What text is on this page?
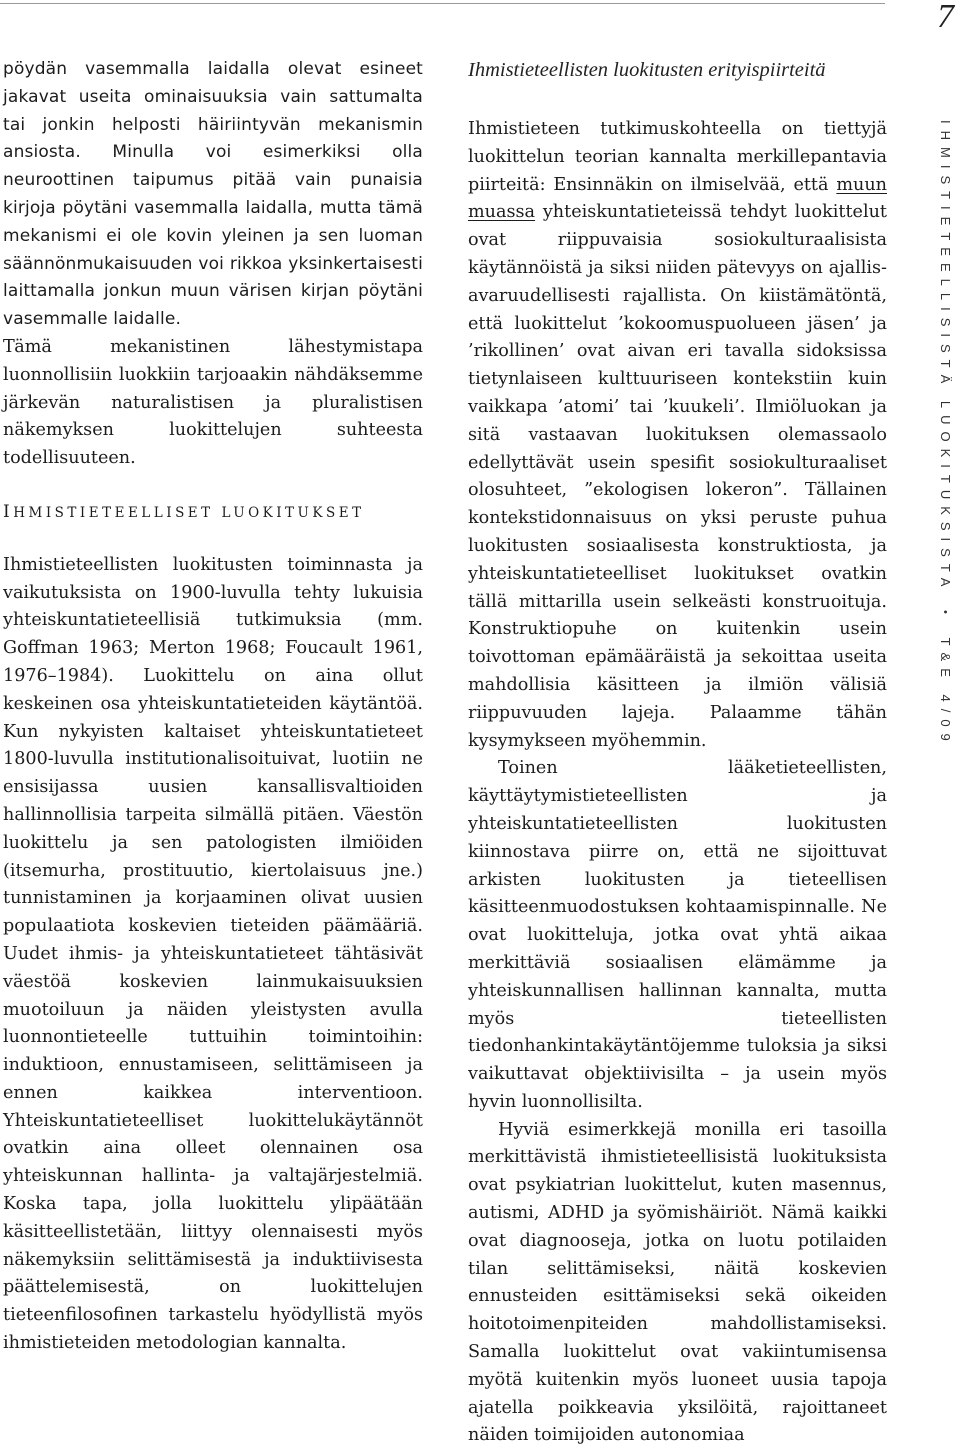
7

pöydän vasemmalla laidalla olevat esineet jakavat useita ominaisuuksia vain sattumalta tai jonkin helposti häiriintyvän mekanismin ansiosta. Minulla voi esimerkiksi olla neuroottinen taipumus pitää vain punaisia kirjoja pöytäni vasemmalla laidalla, mutta tämä mekanismi ei ole kovin yleinen ja sen luoman säännönmukaisuuden voi rikkoa yksinkertaisesti laittamalla jonkun muun värisen kirjan pöytäni vasemmalle laidalle.

Tämä mekanistinen lähestymistapa luonnollisiin luokkiin tarjoaakin nähdäksemme järkevän naturalistisen ja pluralistisen näkemyksen luokittelujen suhteesta todellisuuteen.

IHMISTIETEELLISET LUOKITUKSET

Ihmistieteellisten luokitusten toiminnasta ja vaikutuksista on 1900-luvulla tehty lukuisia yhteiskuntatieteellisiä tutkimuksia (mm. Goffman 1963; Merton 1968; Foucault 1961, 1976–1984). Luokittelu on aina ollut keskeinen osa yhteiskuntatieteiden käytäntöä. Kun nykyisten kaltaiset yhteiskuntatieteet 1800-luvulla institutionalisoituivat, luotiin ne ensisijassa uusien kansallisvaltioiden hallinnollisia tarpeita silmällä pitäen. Väestön luokittelu ja sen patologisten ilmiöiden (itsemurha, prostituutio, kiertolaisuus jne.) tunnistaminen ja korjaaminen olivat uusien populaatiota koskevien tieteiden päämääriä. Uudet ihmis- ja yhteiskuntatieteet tähtäsivät väestöä koskevien lainmukaisuuksien muotoiluun ja näiden yleistysten avulla luonnontieteelle tuttuihin toimintoihin: induktioon, ennustamiseen, selittämiseen ja ennen kaikkea interventioon. Yhteiskuntatieteelliset luokittelukäytännöt ovatkin aina olleet olennainen osa yhteiskunnan hallinta- ja valtajärjestelmiä. Koska tapa, jolla luokittelu ylipäätään käsitteellistetään, liittyy olennaisesti myös näkemyksiin selittämisestä ja induktiivisesta päättelemisestä, on luokittelujen tieteenfilosofinen tarkastelu hyödyllistä myös ihmistieteiden metodologian kannalta.

Ihmistieteellisten luokitusten erityispiirteitä

Ihmistieteen tutkimuskohteella on tiettyjä luokittelun teorian kannalta merkillepantavia piirteitä: Ensinnäkin on ilmiselvää, että muun muassa yhteiskuntatieteissä tehdyt luokittelut ovat riippuvaisia sosiokulturaalisista käytännöistä ja siksi niiden pätevyys on ajallis-avaruudellisesti rajallista. On kiistämätöntä, että luokittelut ’kokoomuspuolueen jäsen’ ja ’rikollinen’ ovat aivan eri tavalla sidoksissa tietynlaiseen kulttuuriseen kontekstiin kuin vaikkapa ’atomi’ tai ’kuukeli’. Ilmiöluokan ja sitä vastaavan luokituksen olemassaolo edellyttävät usein spesifit sosiokulturaaliset olosuhteet, ”ekologisen lokeron”. Tällainen kontekstidonnaisuus on yksi peruste puhua luokitusten sosiaalisesta konstruktiosta, ja yhteiskuntatieteelliset luokitukset ovatkin tällä mittarilla usein selkeästi konstruoituja. Konstruktiopuhe on kuitenkin usein toivottoman epämääräistä ja sekoittaa useita mahdollisia käsitteen ja ilmiön välisiä riippuvuuden lajeja. Palaamme tähän kysymykseen myöhemmin.

Toinen lääketieteellisten, käyttäytymistieteellisten ja yhteiskuntatieteellisten luokitusten kiinnostava piirre on, että ne sijoittuvat arkisten luokitusten ja tieteellisen käsitteenmuodostuksen kohtaamispinnalle. Ne ovat luokitteluja, jotka ovat yhtä aikaa merkittäviä sosiaalisen elämämme ja yhteiskunnallisen hallinnan kannalta, mutta myös tieteellisten tiedonhankintakäytäntöjemme tuloksia ja siksi vaikuttavat objektiivisilta – ja usein myös hyvin luonnollisilta.

Hyviä esimerkkejä monilla eri tasoilla merkittävistä ihmistieteellisistä luokituksista ovat psykiatrian luokittelut, kuten masennus, autismi, ADHD ja syömishäiriöt. Nämä kaikki ovat diagnooseja, jotka on luotu potilaiden tilan selittämiseksi, näitä koskevien ennusteiden esittämiseksi sekä oikeiden hoitotoimenpiteiden mahdollistamiseksi. Samalla luokittelut ovat vakiintumisensa myötä kuitenkin myös luoneet uusia tapoja ajatella poikkeavia yksilöitä, rajoittaneet näiden toimijoiden autonomiaa

IHMISTIETEELLISISTÄ LUOKITUKSISTA • T&E 4/09
